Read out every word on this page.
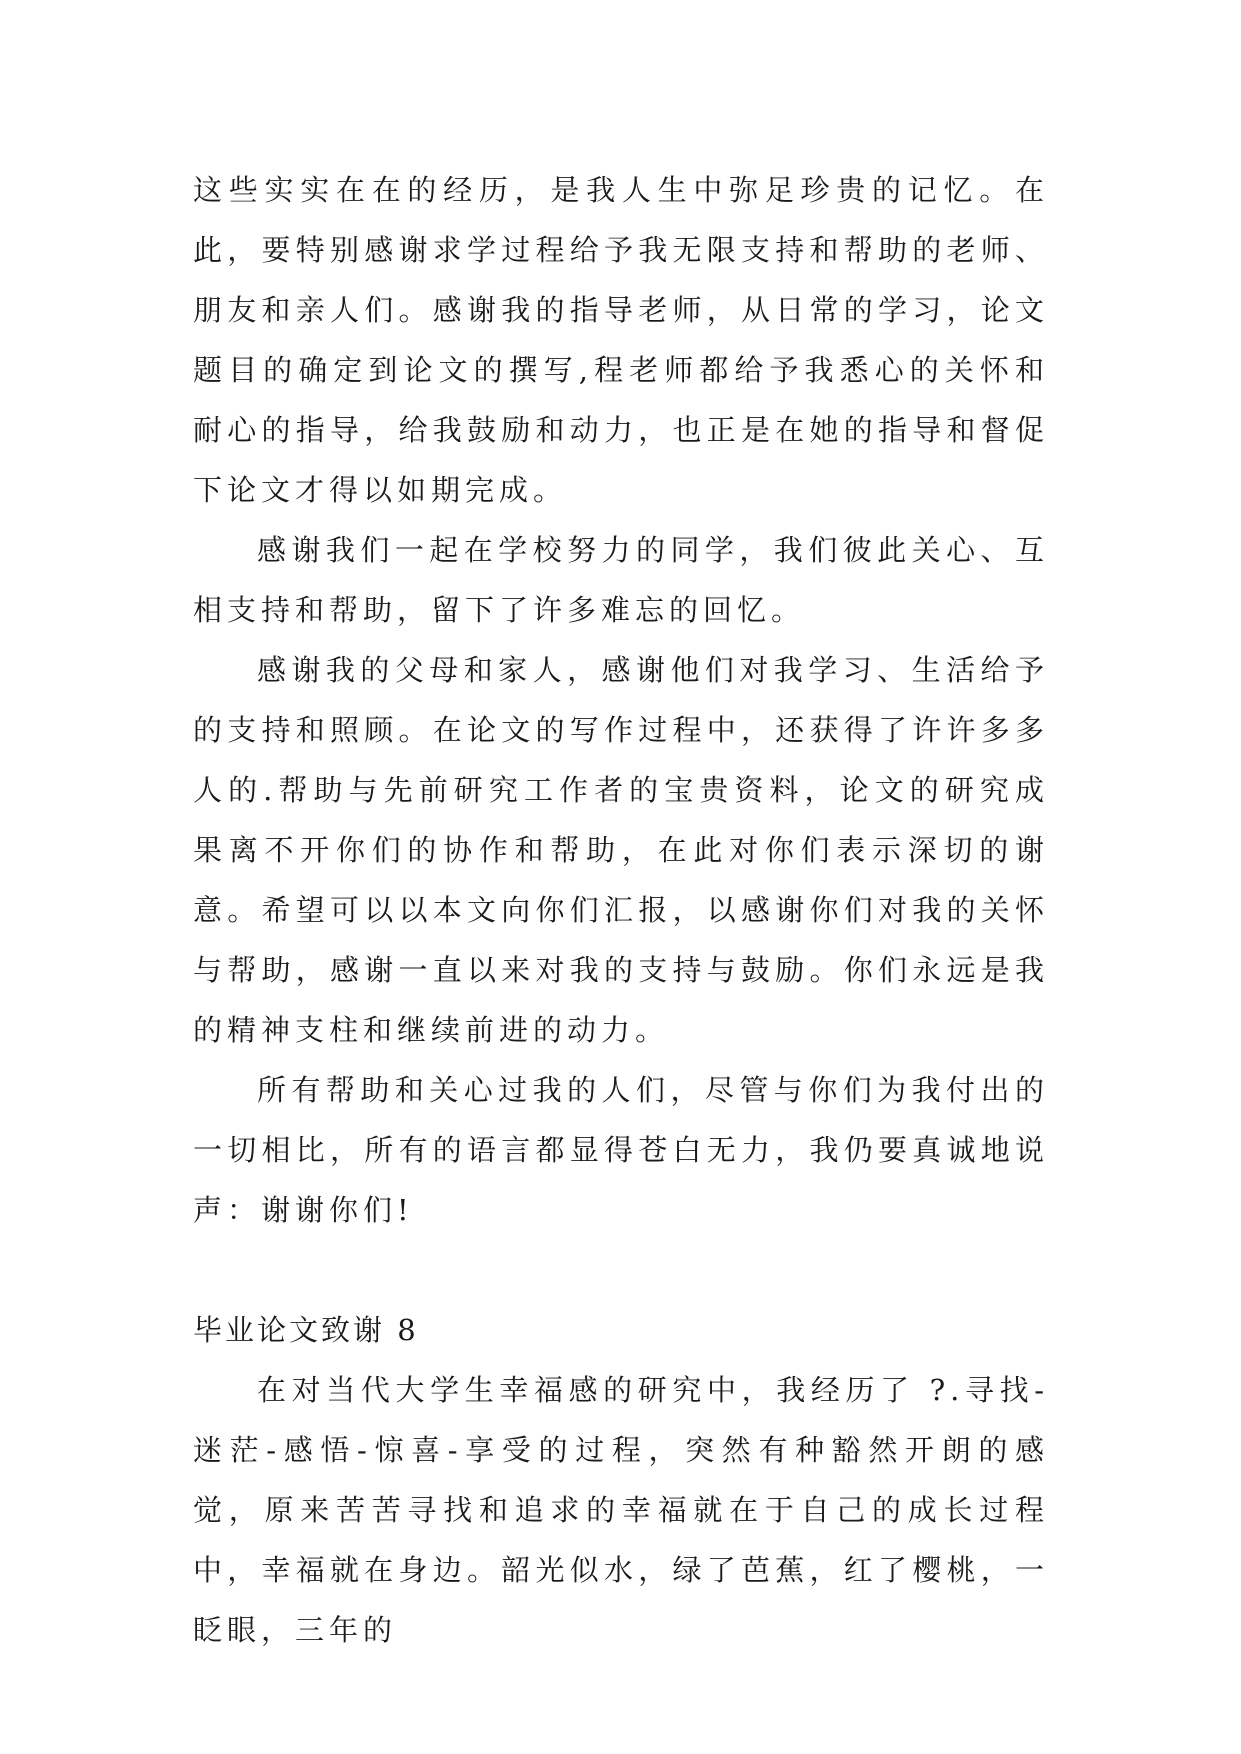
这些实实在在的经历，是我人生中弥足珍贵的记忆。在此，要特别感谢求学过程给予我无限支持和帮助的老师、朋友和亲人们。感谢我的指导老师，从日常的学习，论文题目的确定到论文的撰写,程老师都给予我悉心的关怀和耐心的指导，给我鼓励和动力，也正是在她的指导和督促下论文才得以如期完成。

感谢我们一起在学校努力的同学，我们彼此关心、互相支持和帮助，留下了许多难忘的回忆。

感谢我的父母和家人，感谢他们对我学习、生活给予的支持和照顾。在论文的写作过程中，还获得了许许多多人的.帮助与先前研究工作者的宝贵资料，论文的研究成果离不开你们的协作和帮助，在此对你们表示深切的谢意。希望可以以本文向你们汇报，以感谢你们对我的关怀与帮助，感谢一直以来对我的支持与鼓励。你们永远是我的精神支柱和继续前进的动力。

所有帮助和关心过我的人们，尽管与你们为我付出的一切相比，所有的语言都显得苍白无力，我仍要真诚地说声：谢谢你们!

毕业论文致谢 8

在对当代大学生幸福感的研究中，我经历了 ?.寻找-迷茫-感悟-惊喜-享受的过程，突然有种豁然开朗的感觉，原来苦苦寻找和追求的幸福就在于自己的成长过程中，幸福就在身边。韶光似水，绿了芭蕉，红了樱桃，一眨眼，三年的
